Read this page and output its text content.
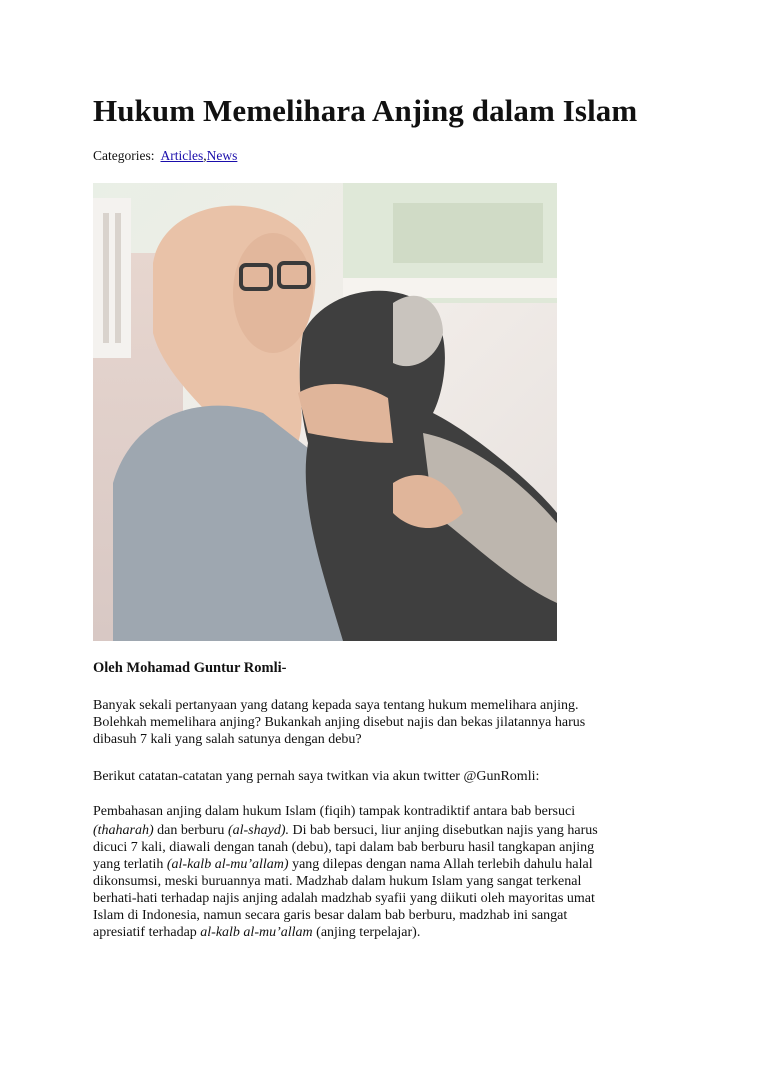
Hukum Memelihara Anjing dalam Islam
Categories: Articles,News
Oleh Mohamad Guntur Romli-

Banyak sekali pertanyaan yang datang kepada saya tentang hukum memelihara anjing.

Bolehkah memelihara anjing? Bukankah anjing disebut najis dan bekas jilatannya harus

dibasuh 7 kali yang salah satunya dengan debu?

Berikut catatan-catatan yang pernah saya twitkan via akun twitter @GunRomli:

Pembahasan anjing dalam hukum Islam (fiqih) tampak kontradiktif antara bab bersuci

(thaharah) dan berburu (al-shayd). Di bab bersuci, liur anjing disebutkan najis yang harus

dicuci 7 kali, diawali dengan tanah (debu), tapi dalam bab berburu hasil tangkapan anjing

yang terlatih (al-kalb al-mu’allam) yang dilepas dengan nama Allah terlebih dahulu halal

dikonsumsi, meski buruannya mati. Madzhab dalam hukum Islam yang sangat terkenal

berhati-hati terhadap najis anjing adalah madzhab syafii yang diikuti oleh mayoritas umat

Islam di Indonesia, namun secara garis besar dalam bab berburu, madzhab ini sangat

apresiatif terhadap al-kalb al-mu’allam (anjing terpelajar).
